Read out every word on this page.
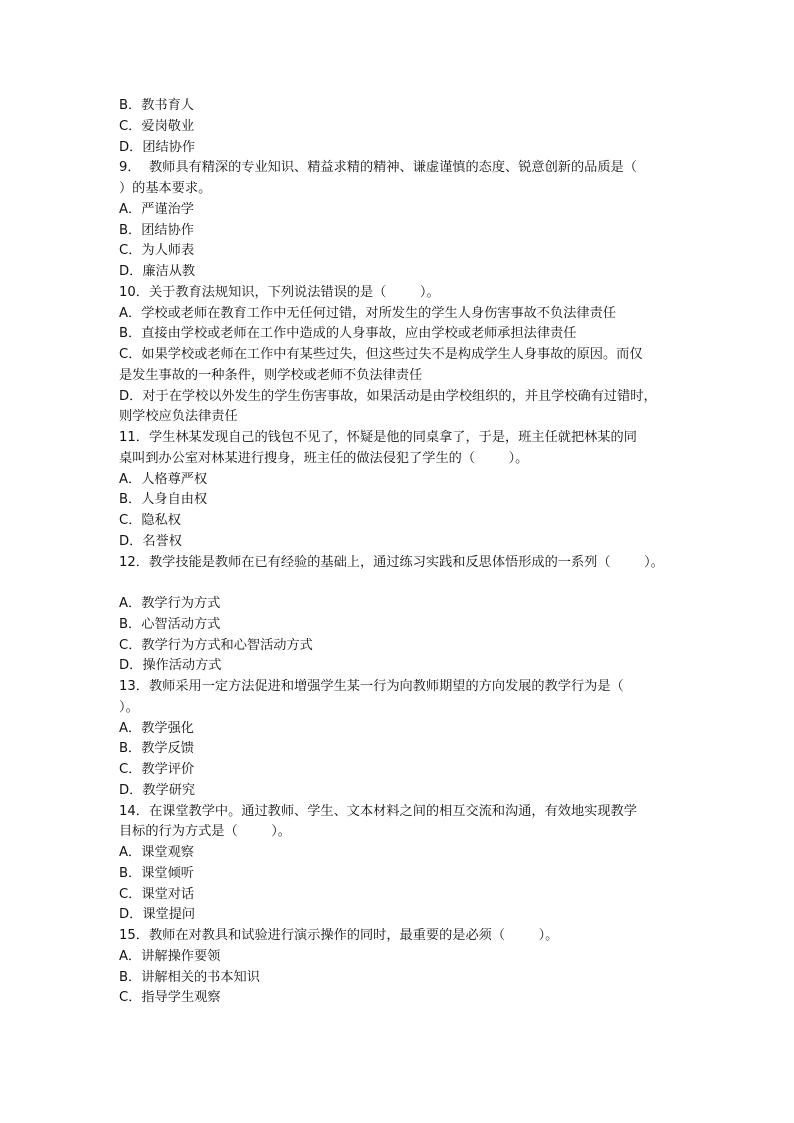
B．教书育人
C．爱岗敬业
D．团结协作
9．  教师具有精深的专业知识、精益求精的精神、谦虚谨慎的态度、锐意创新的品质是（
）的基本要求。
A．严谨治学
B．团结协作
C．为人师表
D．廉洁从教
10．关于教育法规知识，下列说法错误的是（        ）。
A．学校或老师在教育工作中无任何过错，对所发生的学生人身伤害事故不负法律责任
B．直接由学校或老师在工作中造成的人身事故，应由学校或老师承担法律责任
C．如果学校或老师在工作中有某些过失，但这些过失不是构成学生人身事故的原因。而仅
是发生事故的一种条件，则学校或老师不负法律责任
D．对于在学校以外发生的学生伤害事故，如果活动是由学校组织的，并且学校确有过错时，
则学校应负法律责任
11．学生林某发现自己的钱包不见了，怀疑是他的同桌拿了，于是，班主任就把林某的同
桌叫到办公室对林某进行搜身，班主任的做法侵犯了学生的（        ）。
A．人格尊严权
B．人身自由权
C．隐私权
D．名誉权
12．教学技能是教师在已有经验的基础上，通过练习实践和反思体悟形成的一系列（        ）。
A．教学行为方式
B．心智活动方式
C．教学行为方式和心智活动方式
D．操作活动方式
13．教师采用一定方法促进和增强学生某一行为向教师期望的方向发展的教学行为是（
）。
A．教学强化
B．教学反馈
C．教学评价
D．教学研究
14．在课堂教学中。通过教师、学生、文本材料之间的相互交流和沟通，有效地实现教学
目标的行为方式是（        ）。
A．课堂观察
B．课堂倾听
C．课堂对话
D．课堂提问
15．教师在对教具和试验进行演示操作的同时，最重要的是必须（        ）。
A．讲解操作要领
B．讲解相关的书本知识
C．指导学生观察
